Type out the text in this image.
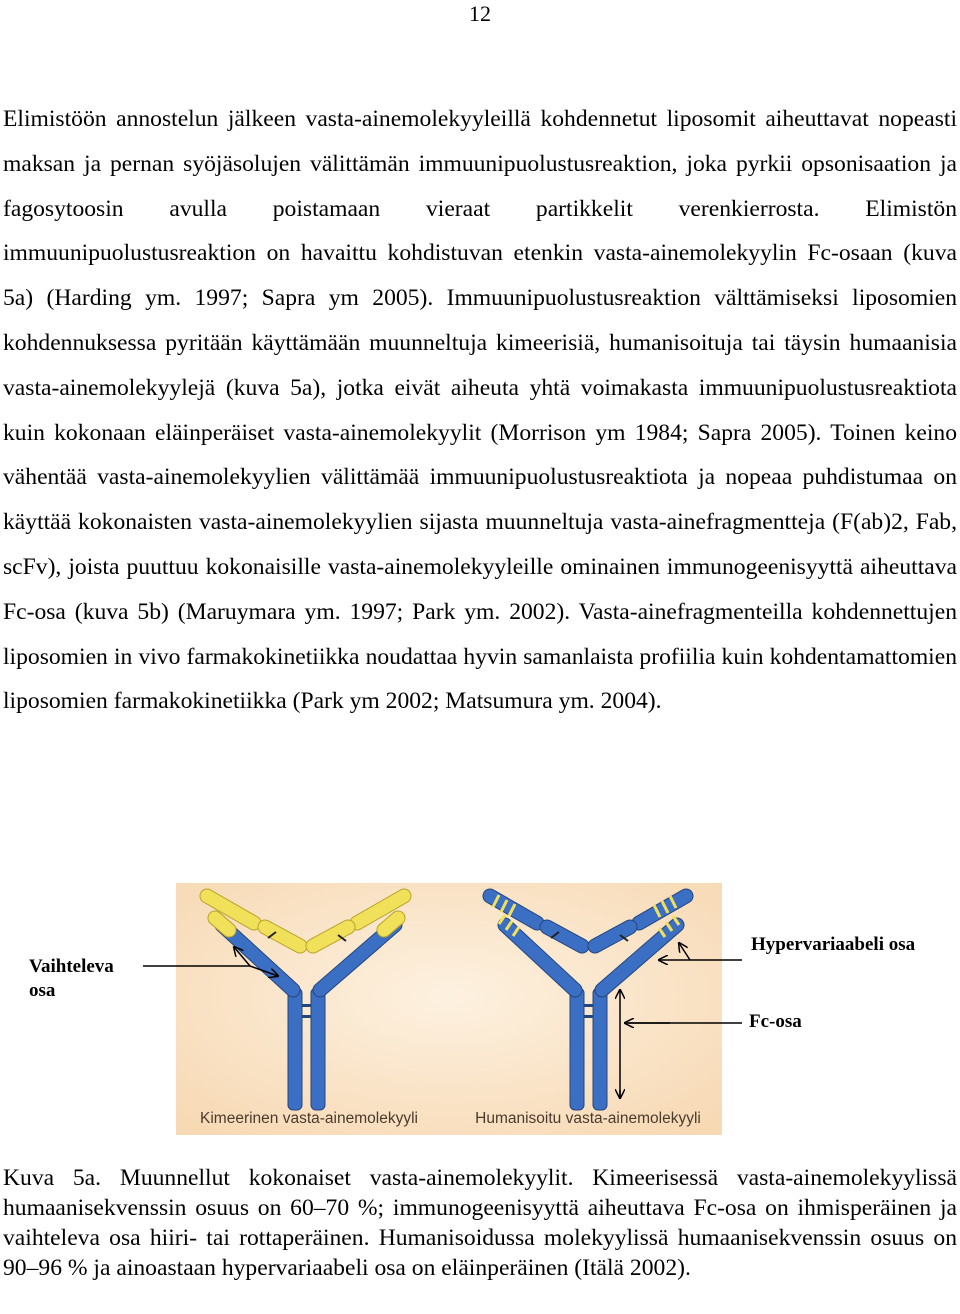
12

Elimistöön annostelun jälkeen vasta-ainemolekyyleillä kohdennetut liposomit aiheuttavat nopeasti maksan ja pernan syöjäsolujen välittämän immuunipuolustusreaktion, joka pyrkii opsonisaation ja fagosytoosin avulla poistamaan vieraat partikkelit verenkierrosta. Elimistön immuunipuolustusreaktion on havaittu kohdistuvan etenkin vasta-ainemolekyylin Fc-osaan (kuva 5a) (Harding ym. 1997; Sapra ym 2005). Immuunipuolustusreaktion välttämiseksi liposomien kohdennuksessa pyritään käyttämään muunneltuja kimeerisiä, humanisoituja tai täysin humaanisia vasta-ainemolekyylejä (kuva 5a), jotka eivät aiheuta yhtä voimakasta immuunipuolustusreaktiota kuin kokonaan eläinperäiset vasta-ainemolekyylit (Morrison ym 1984; Sapra 2005). Toinen keino vähentää vasta-ainemolekyylien välittämää immuunipuolustusreaktiota ja nopeaa puhdistumaa on käyttää kokonaisten vasta-ainemolekyylien sijasta muunneltuja vasta-ainefragmentteja (F(ab)2, Fab, scFv), joista puuttuu kokonaisille vasta-ainemolekyyleille ominainen immunogeenisyyttä aiheuttava Fc-osa (kuva 5b) (Maruymara ym. 1997; Park ym. 2002). Vasta-ainefragmenteilla kohdennettujen liposomien in vivo farmakokinetiikka noudattaa hyvin samanlaista profiilia kuin kohdentamattomien liposomien farmakokinetiikka (Park ym 2002; Matsumura ym. 2004).

Kimeerinen vasta-ainemolekyyli	Humanisoitu vasta-ainemolekyyli
Vaihteleva osa
Hypervariaabeli osa
Fc-osa

Kuva 5a. Muunnellut kokonaiset vasta-ainemolekyylit. Kimeerisessä vasta-ainemolekyylissä humaanisekvenssin osuus on 60–70 %; immunogeenisyyttä aiheuttava Fc-osa on ihmisperäinen ja vaihteleva osa hiiri- tai rottaperäinen. Humanisoidussa molekyylissä humaanisekvenssin osuus on 90–96 % ja ainoastaan hypervariaabeli osa on eläinperäinen (Itälä 2002).
